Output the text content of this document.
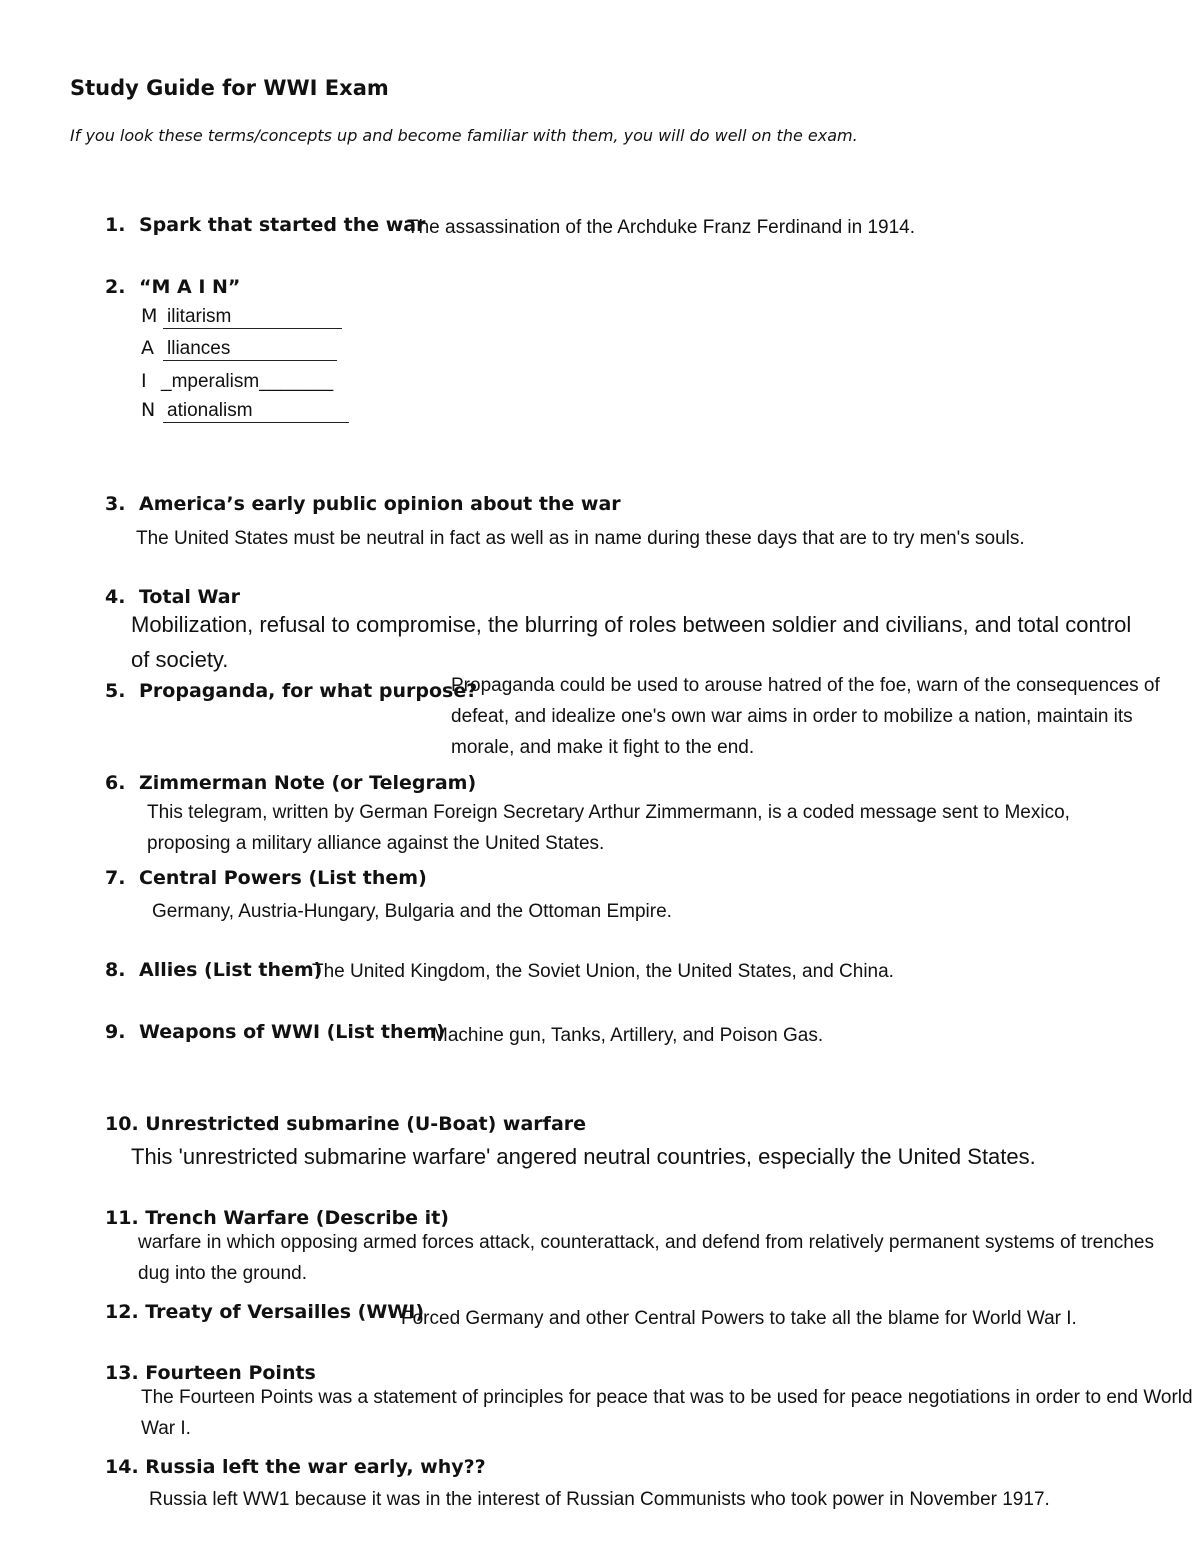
Study Guide for WWI Exam
If you look these terms/concepts up and become familiar with them, you will do well on the exam.
1. Spark that started the war
The assassination of the Archduke Franz Ferdinand in 1914.
2. “M A I N”
M ilitarism
A lliances
I _mperalism_______
N ationalism
3. America’s early public opinion about the war
The United States must be neutral in fact as well as in name during these days that are to try men's souls.
4. Total War
Mobilization, refusal to compromise, the blurring of roles between soldier and civilians, and total control of society.
5. Propaganda, for what purpose?
Propaganda could be used to arouse hatred of the foe, warn of the consequences of defeat, and idealize one's own war aims in order to mobilize a nation, maintain its morale, and make it fight to the end.
6. Zimmerman Note (or Telegram)
This telegram, written by German Foreign Secretary Arthur Zimmermann, is a coded message sent to Mexico, proposing a military alliance against the United States.
7. Central Powers (List them)
Germany, Austria-Hungary, Bulgaria and the Ottoman Empire.
8. Allies (List them)
The United Kingdom, the Soviet Union, the United States, and China.
9. Weapons of WWI (List them)
Machine gun, Tanks, Artillery, and Poison Gas.
10. Unrestricted submarine (U-Boat) warfare
This 'unrestricted submarine warfare' angered neutral countries, especially the United States.
11. Trench Warfare (Describe it)
warfare in which opposing armed forces attack, counterattack, and defend from relatively permanent systems of trenches dug into the ground.
12. Treaty of Versailles (WWI)
Forced Germany and other Central Powers to take all the blame for World War I.
13. Fourteen Points
The Fourteen Points was a statement of principles for peace that was to be used for peace negotiations in order to end World War I.
14. Russia left the war early, why??
Russia left WW1 because it was in the interest of Russian Communists who took power in November 1917.
